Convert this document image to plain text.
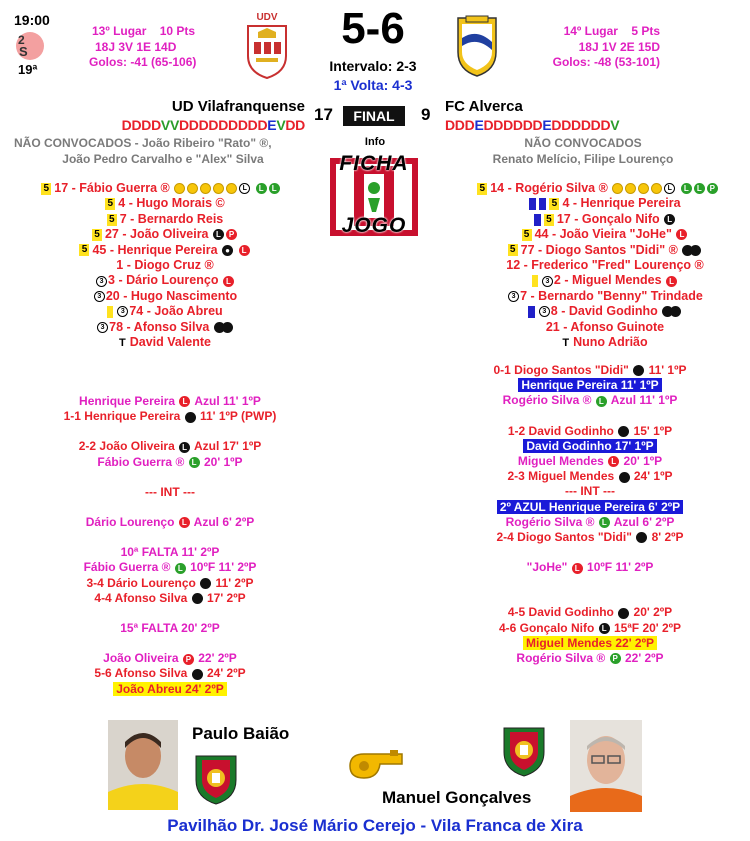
19:00
2
S
19ª
13º Lugar 10 Pts
18J 3V 1E 14D
Golos: -41 (65-106)
UDV	5-6
Intervalo: 2-3
1ª Volta: 4-3
14º Lugar 5 Pts
18J 1V 2E 15D
Golos: -48 (53-101)
UD Vilafranquense 17	FINAL	9 FC Alverca
DDDDVVDDDDDDDDDEVDD	DDDEDDDDDDEDDDDDDV
NÃO CONVOCADOS - João Ribeiro "Rato" ®,
João Pedro Carvalho e "Alex" Silva
NÃO CONVOCADOS
Renato Melício, Filipe Lourenço
Info
FICHA
JOGO
5 17 - Fábio Guerra ®	L L L
5 4 - Hugo Morais ©
5 7 - Bernardo Reis
5 27 - João Oliveira L P
5 45 - Henrique Pereira ● L
1 - Diogo Cruz ®
3 3 - Dário Lourenço L
3 20 - Hugo Nascimento
3 74 - João Abreu
3 78 - Afonso Silva
T David Valente
5 14 - Rogério Silva ®	L L L P
5 4 - Henrique Pereira
5 17 - Gonçalo Nifo L
5 44 - João Vieira "JoHe" L
5 77 - Diogo Santos "Didi" ®
12 - Frederico "Fred" Lourenço ®
3 2 - Miguel Mendes L
3 7 - Bernardo "Benny" Trindade
3 8 - David Godinho
21 - Afonso Guinote
T Nuno Adrião
Henrique Pereira L Azul 11' 1ºP
1-1 Henrique Pereira 11' 1ºP (PWP)
2-2 João Oliveira L Azul 17' 1ºP
Fábio Guerra ® L 20' 1ºP
--- INT ---
Dário Lourenço L Azul 6' 2ºP
10ª FALTA 11' 2ºP
Fábio Guerra ® L 10ºF 11' 2ºP
3-4 Dário Lourenço 11' 2ºP
4-4 Afonso Silva 17' 2ºP
15ª FALTA 20' 2ºP
João Oliveira P 22' 2ºP
5-6 Afonso Silva 24' 2ºP
João Abreu 24' 2ºP
0-1 Diogo Santos "Didi" 11' 1ºP
Henrique Pereira 11' 1ºP
Rogério Silva ® L Azul 11' 1ºP
1-2 David Godinho 15' 1ºP
David Godinho 17' 1ºP
Miguel Mendes L 20' 1ºP
2-3 Miguel Mendes 24' 1ºP
--- INT ---
2º AZUL Henrique Pereira 6' 2ºP
Rogério Silva ® L Azul 6' 2ºP
2-4 Diogo Santos "Didi" 8' 2ºP
"JoHe" L 10ºF 11' 2ºP
4-5 David Godinho 20' 2ºP
4-6 Gonçalo Nifo L 15ªF 20' 2ºP
Miguel Mendes 22' 2ºP
Rogério Silva ® P 22' 2ºP
Paulo Baião
Manuel Gonçalves
Pavilhão Dr. José Mário Cerejo - Vila Franca de Xira
